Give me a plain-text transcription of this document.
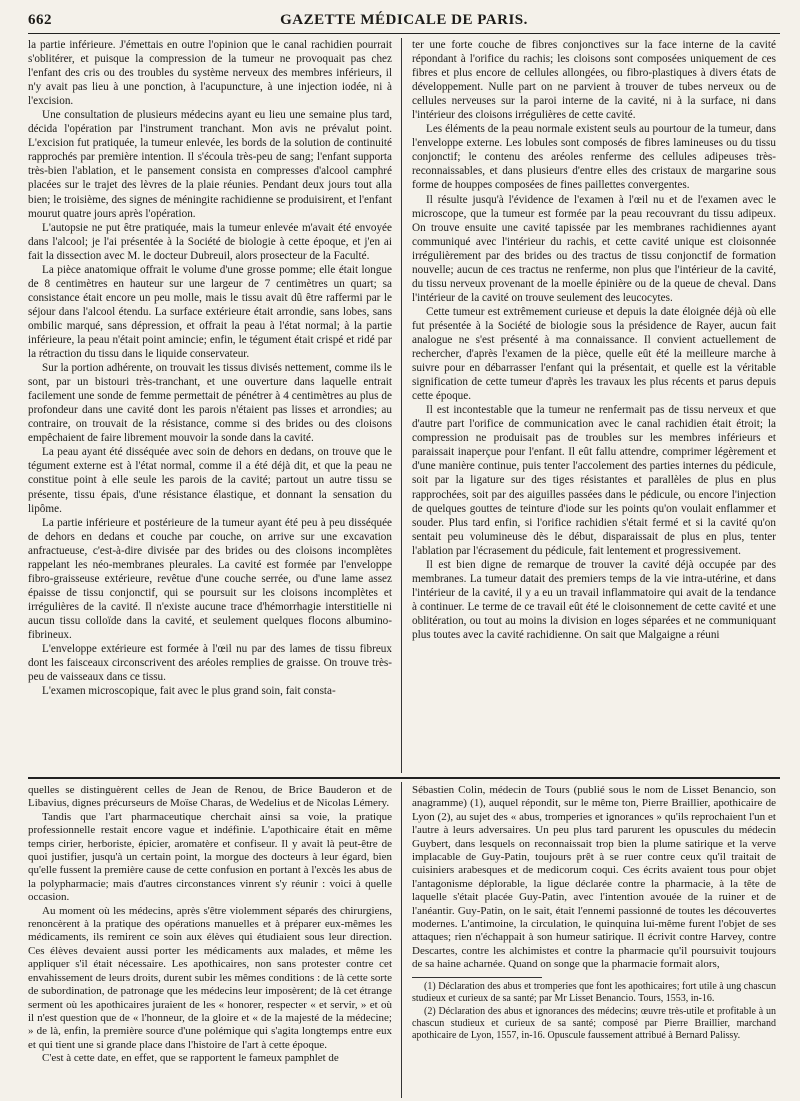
662	GAZETTE MÉDICALE DE PARIS.

la partie inférieure. J'émettais en outre l'opinion que le canal rachidien pourrait s'oblitérer, et puisque la compression de la tumeur ne provoquait pas chez l'enfant des cris ou des troubles du système nerveux des membres inférieurs, il n'y avait pas lieu à une ponction, à l'acupuncture, à une injection iodée, ni à l'excision.

Une consultation de plusieurs médecins ayant eu lieu une semaine plus tard, décida l'opération par l'instrument tranchant. Mon avis ne prévalut point. L'excision fut pratiquée, la tumeur enlevée, les bords de la solution de continuité rapprochés par première intention. Il s'écoula très-peu de sang; l'enfant supporta très-bien l'ablation, et le pansement consista en compresses d'alcool camphré placées sur le trajet des lèvres de la plaie réunies. Pendant deux jours tout alla bien; le troisième, des signes de méningite rachidienne se produisirent, et l'enfant mourut quatre jours après l'opération.

L'autopsie ne put être pratiquée, mais la tumeur enlevée m'avait été envoyée dans l'alcool; je l'ai présentée à la Société de biologie à cette époque, et j'en ai fait la dissection avec M. le docteur Dubreuil, alors prosecteur de la Faculté.

La pièce anatomique offrait le volume d'une grosse pomme; elle était longue de 8 centimètres en hauteur sur une largeur de 7 centimètres un quart; sa consistance était encore un peu molle, mais le tissu avait dû être raffermi par le séjour dans l'alcool étendu. La surface extérieure était arrondie, sans lobes, sans ombilic marqué, sans dépression, et offrait la peau à l'état normal; à la partie inférieure, la peau n'était point amincie; enfin, le tégument était crispé et ridé par la rétraction du tissu dans le liquide conservateur.

Sur la portion adhérente, on trouvait les tissus divisés nettement, comme ils le sont, par un bistouri très-tranchant, et une ouverture dans laquelle entrait facilement une sonde de femme permettait de pénétrer à 4 centimètres au plus de profondeur dans une cavité dont les parois n'étaient pas lisses et arrondies; au contraire, on trouvait de la résistance, comme si des brides ou des cloisons empêchaient de faire librement mouvoir la sonde dans la cavité.

La peau ayant été disséquée avec soin de dehors en dedans, on trouve que le tégument externe est à l'état normal, comme il a été déjà dit, et que la peau ne constitue point à elle seule les parois de la cavité; partout un autre tissu se présente, tissu épais, d'une résistance élastique, et donnant la sensation du lipôme.

La partie inférieure et postérieure de la tumeur ayant été peu à peu disséquée de dehors en dedans et couche par couche, on arrive sur une excavation anfractueuse, c'est-à-dire divisée par des brides ou des cloisons incomplètes rappelant les néo-membranes pleurales. La cavité est formée par l'enveloppe fibro-graisseuse extérieure, revêtue d'une couche serrée, ou d'une lame assez épaisse de tissu conjonctif, qui se poursuit sur les cloisons incomplètes et irrégulières de la cavité. Il n'existe aucune trace d'hémorrhagie interstitielle ni aucun tissu colloïde dans la cavité, et seulement quelques flocons albumino-fibrineux.

L'enveloppe extérieure est formée à l'œil nu par des lames de tissu fibreux dont les faisceaux circonscrivent des aréoles remplies de graisse. On trouve très-peu de vaisseaux dans ce tissu.

L'examen microscopique, fait avec le plus grand soin, fait consta-

ter une forte couche de fibres conjonctives sur la face interne de la cavité répondant à l'orifice du rachis; les cloisons sont composées uniquement de ces fibres et plus encore de cellules allongées, ou fibro-plastiques à divers états de développement. Nulle part on ne parvient à trouver de tubes nerveux ou de cellules nerveuses sur la paroi interne de la cavité, ni à la surface, ni dans l'intérieur des cloisons irrégulières de cette cavité.

Les éléments de la peau normale existent seuls au pourtour de la tumeur, dans l'enveloppe externe. Les lobules sont composés de fibres lamineuses ou du tissu conjonctif; le contenu des aréoles renferme des cellules adipeuses très-reconnaissables, et dans plusieurs d'entre elles des cristaux de margarine sous forme de houppes composées de fines paillettes convergentes.

Il résulte jusqu'à l'évidence de l'examen à l'œil nu et de l'examen avec le microscope, que la tumeur est formée par la peau recouvrant du tissu adipeux. On trouve ensuite une cavité tapissée par les membranes rachidiennes ayant communiqué avec l'intérieur du rachis, et cette cavité unique est cloisonnée irrégulièrement par des brides ou des tractus de tissu conjonctif de formation nouvelle; aucun de ces tractus ne renferme, non plus que l'intérieur de la cavité, du tissu nerveux provenant de la moelle épinière ou de la queue de cheval. Dans l'intérieur de la cavité on trouve seulement des leucocytes.

Cette tumeur est extrêmement curieuse et depuis la date éloignée déjà où elle fut présentée à la Société de biologie sous la présidence de Rayer, aucun fait analogue ne s'est présenté à ma connaissance. Il convient actuellement de rechercher, d'après l'examen de la pièce, quelle eût été la meilleure marche à suivre pour en débarrasser l'enfant qui la présentait, et quelle est la véritable signification de cette tumeur d'après les travaux les plus récents et parus depuis cette époque.

Il est incontestable que la tumeur ne renfermait pas de tissu nerveux et que d'autre part l'orifice de communication avec le canal rachidien était étroit; la compression ne produisait pas de troubles sur les membres inférieurs et paraissait inaperçue pour l'enfant. Il eût fallu attendre, comprimer légèrement et d'une manière continue, puis tenter l'accolement des parties internes du pédicule, soit par la ligature sur des tiges résistantes et parallèles de plus en plus rapprochées, soit par des aiguilles passées dans le pédicule, ou encore l'injection de quelques gouttes de teinture d'iode sur les points qu'on voulait enflammer et souder. Plus tard enfin, si l'orifice rachidien s'était fermé et si la cavité qu'on sentait peu volumineuse dès le début, disparaissait de plus en plus, tenter l'ablation par l'écrasement du pédicule, fait lentement et progressivement.

Il est bien digne de remarque de trouver la cavité déjà occupée par des membranes. La tumeur datait des premiers temps de la vie intra-utérine, et dans l'intérieur de la cavité, il y a eu un travail inflammatoire qui avait de la tendance à continuer. Le terme de ce travail eût été le cloisonnement de cette cavité et une oblitération, ou tout au moins la division en loges séparées et ne communiquant plus toutes avec la cavité rachidienne. On sait que Malgaigne a réuni

quelles se distinguèrent celles de Jean de Renou, de Brice Bauderon et de Libavius, dignes précurseurs de Moïse Charas, de Wedelius et de Nicolas Lémery.

Tandis que l'art pharmaceutique cherchait ainsi sa voie, la pratique professionnelle restait encore vague et indéfinie. L'apothicaire était en même temps cirier, herboriste, épicier, aromatère et confiseur. Il y avait là peut-être de quoi justifier, jusqu'à un certain point, la morgue des docteurs à leur égard, bien qu'elle fussent la première cause de cette confusion en portant à l'excès les abus de la polypharmacie; mais d'autres circonstances vinrent s'y réunir : voici à quelle occasion.

Au moment où les médecins, après s'être violemment séparés des chirurgiens, renoncèrent à la pratique des opérations manuelles et à préparer eux-mêmes les médicaments, ils remirent ce soin aux élèves qui étudiaient sous leur direction. Ces élèves devaient aussi porter les médicaments aux malades, et même les appliquer s'il était nécessaire. Les apothicaires, non sans protester contre cet envahissement de leurs droits, durent subir les mêmes conditions : de là cette sorte de subordination, de patronage que les médecins leur imposèrent; de là cet étrange serment où les apothicaires juraient de les « honorer, respecter « et servir, » et où il n'est question que de « l'honneur, de la gloire et « de la majesté de la médecine; » de là, enfin, la première source d'une polémique qui s'agita longtemps entre eux et qui tient une si grande place dans l'histoire de l'art à cette époque.

C'est à cette date, en effet, que se rapportent le fameux pamphlet de

Sébastien Colin, médecin de Tours (publié sous le nom de Lisset Benancio, son anagramme) (1), auquel répondit, sur le même ton, Pierre Braillier, apothicaire de Lyon (2), au sujet des « abus, tromperies et ignorances » qu'ils reprochaient l'un et l'autre à leurs adversaires. Un peu plus tard parurent les opuscules du médecin Guybert, dans lesquels on reconnaissait trop bien la plume satirique et la verve implacable de Guy-Patin, toujours prêt à se ruer contre ceux qu'il traitait de cuisiniers arabesques et de medicorum coqui. Ces écrits avaient tous pour objet l'antagonisme déplorable, la ligue déclarée contre la pharmacie, à la tête de laquelle s'était placée Guy-Patin, avec l'intention avouée de la ruiner et de l'anéantir. Guy-Patin, on le sait, était l'ennemi passionné de toutes les découvertes modernes. L'antimoine, la circulation, le quinquina lui-même furent l'objet de ses attaques; rien n'échappait à son humeur satirique. Il écrivit contre Harvey, contre Descartes, contre les alchimistes et contre la pharmacie qu'il poursuivit toujours de sa haine acharnée. Quand on songe que la pharmacie formait alors,

(1) Déclaration des abus et tromperies que font les apothicaires; fort utile à ung chascun studieux et curieux de sa santé; par Mr Lisset Benancio. Tours, 1553, in-16.

(2) Déclaration des abus et ignorances des médecins; œuvre très-utile et profitable à un chascun studieux et curieux de sa santé; composé par Pierre Braillier, marchand apothicaire de Lyon, 1557, in-16. Opuscule faussement attribué à Bernard Palissy.
